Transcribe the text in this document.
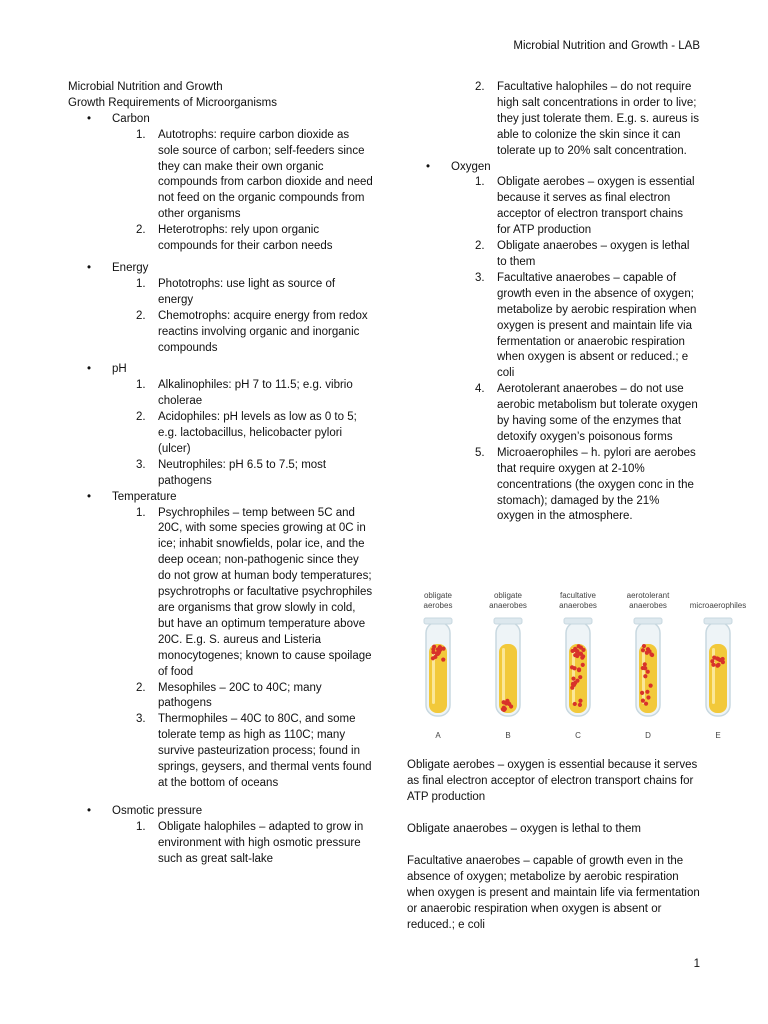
Microbial Nutrition and Growth - LAB
Microbial Nutrition and Growth
Growth Requirements of Microorganisms
• Carbon
1. Autotrophs: require carbon dioxide as sole source of carbon; self-feeders since they can make their own organic compounds from carbon dioxide and need not feed on the organic compounds from other organisms
2. Heterotrophs: rely upon organic compounds for their carbon needs
• Energy
1. Phototrophs: use light as source of energy
2. Chemotrophs: acquire energy from redox reactins involving organic and inorganic compounds
• pH
1. Alkalinophiles: pH 7 to 11.5; e.g. vibrio cholerae
2. Acidophiles: pH levels as low as 0 to 5; e.g. lactobacillus, helicobacter pylori (ulcer)
3. Neutrophiles: pH 6.5 to 7.5; most pathogens
• Temperature
1. Psychrophiles – temp between 5C and 20C, with some species growing at 0C in ice; inhabit snowfields, polar ice, and the deep ocean; non-pathogenic since they do not grow at human body temperatures; psychrotrophs or facultative psychrophiles are organisms that grow slowly in cold, but have an optimum temperature above 20C. E.g. S. aureus and Listeria monocytogenes; known to cause spoilage of food
2. Mesophiles – 20C to 40C; many pathogens
3. Thermophiles – 40C to 80C, and some tolerate temp as high as 110C; many survive pasteurization process; found in springs, geysers, and thermal vents found at the bottom of oceans
• Osmotic pressure
1. Obligate halophiles – adapted to grow in environment with high osmotic pressure such as great salt-lake
2. Facultative halophiles – do not require high salt concentrations in order to live; they just tolerate them. E.g. s. aureus is able to colonize the skin since it can tolerate up to 20% salt concentration.
• Oxygen
1. Obligate aerobes – oxygen is essential because it serves as final electron acceptor of electron transport chains for ATP production
2. Obligate anaerobes – oxygen is lethal to them
3. Facultative anaerobes – capable of growth even in the absence of oxygen; metabolize by aerobic respiration when oxygen is present and maintain life via fermentation or anaerobic respiration when oxygen is absent or reduced.; e coli
4. Aerotolerant anaerobes – do not use aerobic metabolism but tolerate oxygen by having some of the enzymes that detoxify oxygen’s poisonous forms
5. Microaerophiles – h. pylori are aerobes that require oxygen at 2-10% concentrations (the oxygen conc in the stomach); damaged by the 21% oxygen in the atmosphere.
obligate
aerobes
A
obligate
anaerobes
B
facultative
anaerobes
C
aerotolerant
anaerobes
D
microaerophiles
E

Obligate aerobes – oxygen is essential because it serves as final electron acceptor of electron transport chains for ATP production

Obligate anaerobes – oxygen is lethal to them

Facultative anaerobes – capable of growth even in the absence of oxygen; metabolize by aerobic respiration when oxygen is present and maintain life via fermentation or anaerobic respiration when oxygen is absent or reduced.; e coli

1
